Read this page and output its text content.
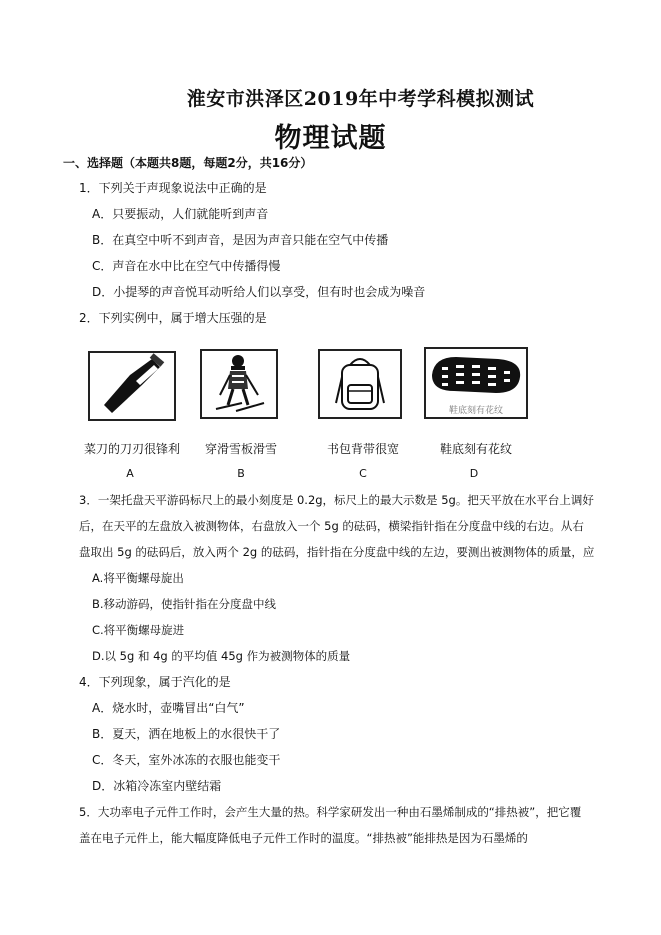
淮安市洪泽区2019年中考学科模拟测试
物理试题
一、选择题（本题共8题，每题2分，共16分）
1．下列关于声现象说法中正确的是
A．只要振动，人们就能听到声音
B．在真空中听不到声音，是因为声音只能在空气中传播
C．声音在水中比在空气中传播得慢
D．小提琴的声音悦耳动听给人们以享受，但有时也会成为噪音
2．下列实例中，属于增大压强的是
鞋底刻有花纹
菜刀的刀刃很锋利	穿滑雪板滑雪	书包背带很宽	鞋底刻有花纹
A	B	C	D
3．一架托盘天平游码标尺上的最小刻度是 0.2g，标尺上的最大示数是 5g。把天平放在水平台上调好
后，在天平的左盘放入被测物体，右盘放入一个 5g 的砝码，横梁指针指在分度盘中线的右边。从右
盘取出 5g 的砝码后，放入两个 2g 的砝码，指针指在分度盘中线的左边，要测出被测物体的质量，应
A.将平衡螺母旋出
B.移动游码，使指针指在分度盘中线
C.将平衡螺母旋进
D.以 5g 和 4g 的平均值 45g 作为被测物体的质量
4．下列现象，属于汽化的是
A．烧水时，壶嘴冒出“白气”
B．夏天，洒在地板上的水很快干了
C．冬天，室外冰冻的衣服也能变干
D．冰箱冷冻室内壁结霜
5．大功率电子元件工作时，会产生大量的热。科学家研发出一种由石墨烯制成的“排热被”，把它覆
盖在电子元件上，能大幅度降低电子元件工作时的温度。“排热被”能排热是因为石墨烯的
